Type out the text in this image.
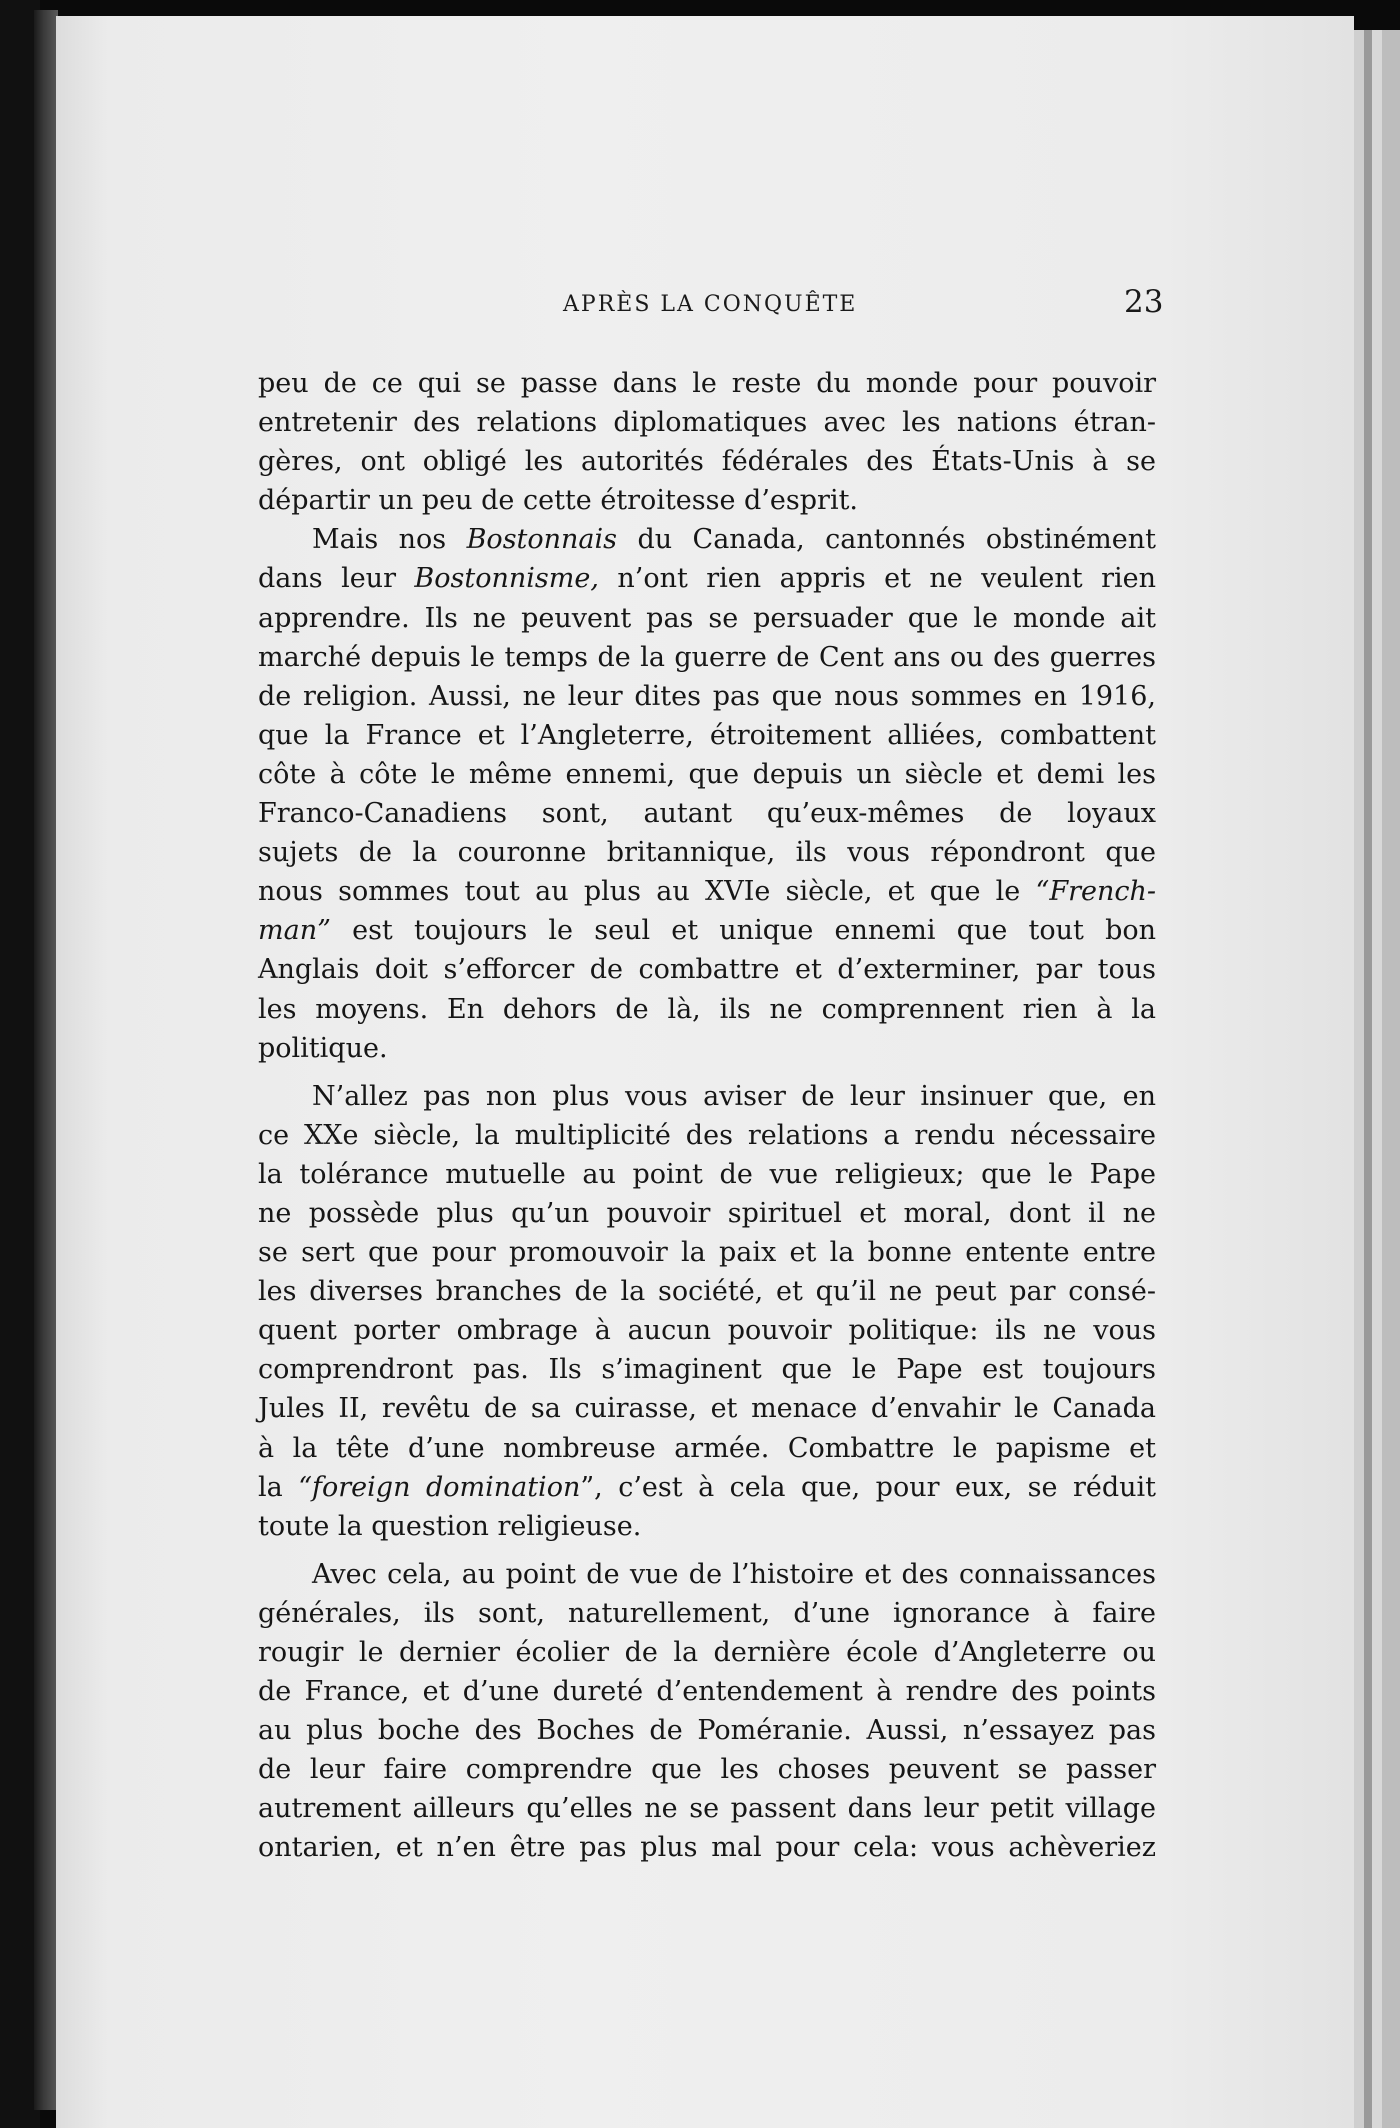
APRÈS LA CONQUÊTE	23
peu de ce qui se passe dans le reste du monde pour pouvoir
entretenir des relations diplomatiques avec les nations étran-
gères, ont obligé les autorités fédérales des États-Unis à se
départir un peu de cette étroitesse d’esprit.
Mais nos Bostonnais du Canada, cantonnés obstinément
dans leur Bostonnisme, n’ont rien appris et ne veulent rien
apprendre. Ils ne peuvent pas se persuader que le monde ait
marché depuis le temps de la guerre de Cent ans ou des guerres
de religion. Aussi, ne leur dites pas que nous sommes en 1916,
que la France et l’Angleterre, étroitement alliées, combattent
côte à côte le même ennemi, que depuis un siècle et demi les
Franco-Canadiens sont, autant qu’eux-mêmes de loyaux
sujets de la couronne britannique, ils vous répondront que
nous sommes tout au plus au XVIe siècle, et que le “French-
man” est toujours le seul et unique ennemi que tout bon
Anglais doit s’efforcer de combattre et d’exterminer, par tous
les moyens. En dehors de là, ils ne comprennent rien à la
politique.
N’allez pas non plus vous aviser de leur insinuer que, en
ce XXe siècle, la multiplicité des relations a rendu nécessaire
la tolérance mutuelle au point de vue religieux; que le Pape
ne possède plus qu’un pouvoir spirituel et moral, dont il ne
se sert que pour promouvoir la paix et la bonne entente entre
les diverses branches de la société, et qu’il ne peut par consé-
quent porter ombrage à aucun pouvoir politique: ils ne vous
comprendront pas. Ils s’imaginent que le Pape est toujours
Jules II, revêtu de sa cuirasse, et menace d’envahir le Canada
à la tête d’une nombreuse armée. Combattre le papisme et
la “foreign domination”, c’est à cela que, pour eux, se réduit
toute la question religieuse.
Avec cela, au point de vue de l’histoire et des connaissances
générales, ils sont, naturellement, d’une ignorance à faire
rougir le dernier écolier de la dernière école d’Angleterre ou
de France, et d’une dureté d’entendement à rendre des points
au plus boche des Boches de Poméranie. Aussi, n’essayez pas
de leur faire comprendre que les choses peuvent se passer
autrement ailleurs qu’elles ne se passent dans leur petit village
ontarien, et n’en être pas plus mal pour cela: vous achèveriez
